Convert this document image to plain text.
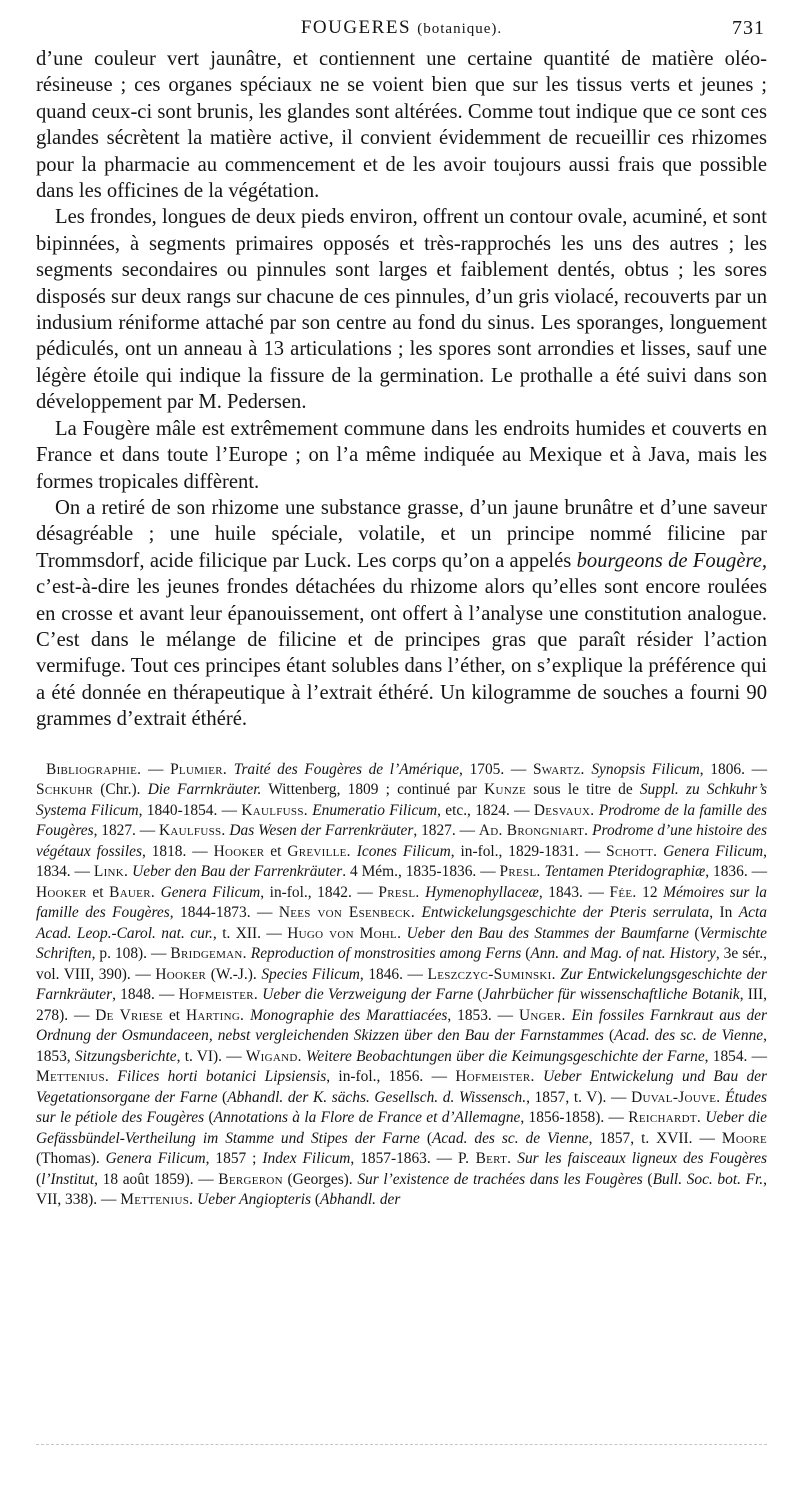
FOUGERES (botanique).	731

d’une couleur vert jaunâtre, et contiennent une certaine quantité de matière oléo-résineuse ; ces organes spéciaux ne se voient bien que sur les tissus verts et jeunes ; quand ceux-ci sont brunis, les glandes sont altérées. Comme tout indique que ce sont ces glandes sécrètent la matière active, il convient évidemment de recueillir ces rhizomes pour la pharmacie au commencement et de les avoir toujours aussi frais que possible dans les officines de la végétation.

Les frondes, longues de deux pieds environ, offrent un contour ovale, acuminé, et sont bipinnées, à segments primaires opposés et très-rapprochés les uns des autres ; les segments secondaires ou pinnules sont larges et faiblement dentés, obtus ; les sores disposés sur deux rangs sur chacune de ces pinnules, d’un gris violacé, recouverts par un indusium réniforme attaché par son centre au fond du sinus. Les sporanges, longuement pédiculés, ont un anneau à 13 articulations ; les spores sont arrondies et lisses, sauf une légère étoile qui indique la fissure de la germination. Le prothalle a été suivi dans son développement par M. Pedersen.

La Fougère mâle est extrêmement commune dans les endroits humides et couverts en France et dans toute l’Europe ; on l’a même indiquée au Mexique et à Java, mais les formes tropicales diffèrent.

On a retiré de son rhizome une substance grasse, d’un jaune brunâtre et d’une saveur désagréable ; une huile spéciale, volatile, et un principe nommé filicine par Trommsdorf, acide filicique par Luck. Les corps qu’on a appelés bourgeons de Fougère, c’est-à-dire les jeunes frondes détachées du rhizome alors qu’elles sont encore roulées en crosse et avant leur épanouissement, ont offert à l’analyse une constitution analogue. C’est dans le mélange de filicine et de principes gras que paraît résider l’action vermifuge. Tout ces principes étant solubles dans l’éther, on s’explique la préférence qui a été donnée en thérapeutique à l’extrait éthéré. Un kilogramme de souches a fourni 90 grammes d’extrait éthéré.

Bibliographie. — Plumier. Traité des Fougères de l’Amérique, 1705. — Swartz. Synopsis Filicum, 1806. — Schkuhr (Chr.). Die Farrnkräuter. Wittenberg, 1809 ; continué par Kunze sous le titre de Suppl. zu Schkuhr’s Systema Filicum, 1840-1854. — Kaulfuss. Enumeratio Filicum, etc., 1824. — Desvaux. Prodrome de la famille des Fougères, 1827. — Kaulfuss. Das Wesen der Farrenkräuter, 1827. — Ad. Brongniart. Prodrome d’une histoire des végétaux fossiles, 1818. — Hooker et Greville. Icones Filicum, in-fol., 1829-1831. — Schott. Genera Filicum, 1834. — Link. Ueber den Bau der Farrenkräuter. 4 Mém., 1835-1836. — Presl. Tentamen Pteridographiæ, 1836. — Hooker et Bauer. Genera Filicum, in-fol., 1842. — Presl. Hymenophyllaceæ, 1843. — Fée. 12 Mémoires sur la famille des Fougères, 1844-1873. — Nees von Esenbeck. Entwickelungsgeschichte der Pteris serrulata, In Acta Acad. Leop.-Carol. nat. cur., t. XII. — Hugo von Mohl. Ueber den Bau des Stammes der Baumfarne (Vermischte Schriften, p. 108). — Bridgeman. Reproduction of monstrosities among Ferns (Ann. and Mag. of nat. History, 3e sér., vol. VIII, 390). — Hooker (W.-J.). Species Filicum, 1846. — Leszczyc-Suminski. Zur Entwickelungsgeschichte der Farnkräuter, 1848. — Hofmeister. Ueber die Verzweigung der Farne (Jahrbücher für wissenschaftliche Botanik, III, 278). — De Vriese et Harting. Monographie des Marattiacées, 1853. — Unger. Ein fossiles Farnkraut aus der Ordnung der Osmundaceen, nebst vergleichenden Skizzen über den Bau der Farnstammes (Acad. des sc. de Vienne, 1853, Sitzungsberichte, t. VI). — Wigand. Weitere Beobachtungen über die Keimungsgeschichte der Farne, 1854. — Mettenius. Filices horti botanici Lipsiensis, in-fol., 1856. — Hofmeister. Ueber Entwickelung und Bau der Vegetationsorgane der Farne (Abhandl. der K. sächs. Gesellsch. d. Wissensch., 1857, t. V). — Duval-Jouve. Études sur le pétiole des Fougères (Annotations à la Flore de France et d’Allemagne, 1856-1858). — Reichardt. Ueber die Gefässbündel-Vertheilung im Stamme und Stipes der Farne (Acad. des sc. de Vienne, 1857, t. XVII. — Moore (Thomas). Genera Filicum, 1857 ; Index Filicum, 1857-1863. — P. Bert. Sur les faisceaux ligneux des Fougères (l’Institut, 18 août 1859). — Bergeron (Georges). Sur l’existence de trachées dans les Fougères (Bull. Soc. bot. Fr., VII, 338). — Mettenius. Ueber Angiopteris (Abhandl. der
